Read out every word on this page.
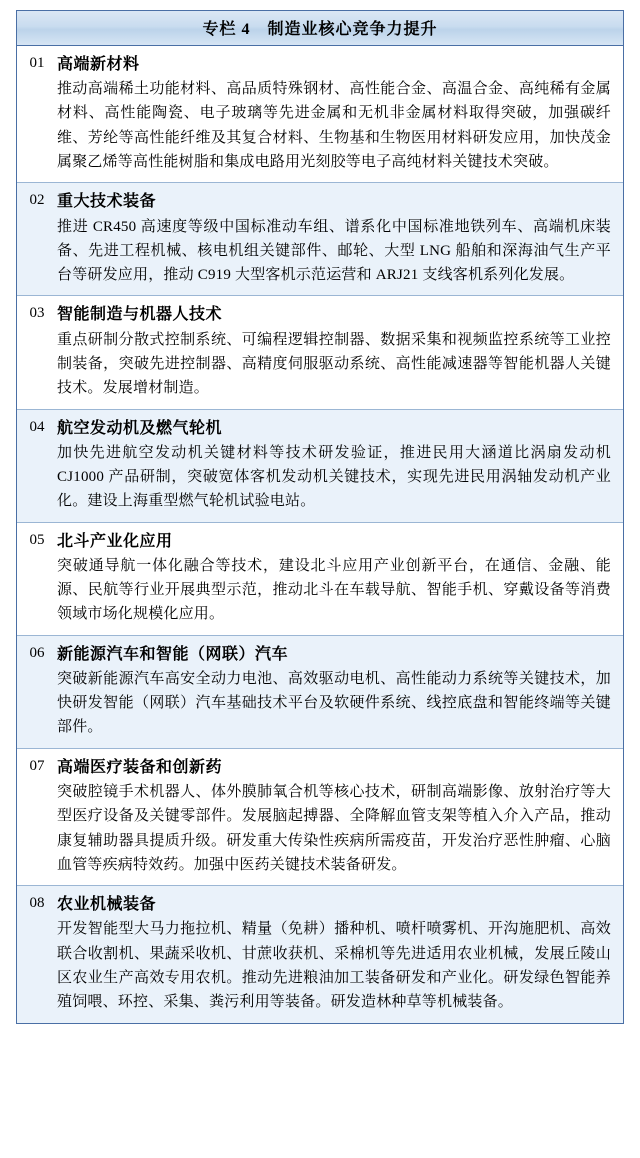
专栏 4　制造业核心竞争力提升
01 高端新材料
推动高端稀土功能材料、高品质特殊钢材、高性能合金、高温合金、高纯稀有金属材料、高性能陶瓷、电子玻璃等先进金属和无机非金属材料取得突破，加强碳纤维、芳纶等高性能纤维及其复合材料、生物基和生物医用材料研发应用，加快茂金属聚乙烯等高性能树脂和集成电路用光刻胶等电子高纯材料关键技术突破。
02 重大技术装备
推进 CR450 高速度等级中国标准动车组、谱系化中国标准地铁列车、高端机床装备、先进工程机械、核电机组关键部件、邮轮、大型 LNG 船舶和深海油气生产平台等研发应用，推动 C919 大型客机示范运营和 ARJ21 支线客机系列化发展。
03 智能制造与机器人技术
重点研制分散式控制系统、可编程逻辑控制器、数据采集和视频监控系统等工业控制装备，突破先进控制器、高精度伺服驱动系统、高性能减速器等智能机器人关键技术。发展增材制造。
04 航空发动机及燃气轮机
加快先进航空发动机关键材料等技术研发验证，推进民用大涵道比涡扇发动机 CJ1000 产品研制，突破宽体客机发动机关键技术，实现先进民用涡轴发动机产业化。建设上海重型燃气轮机试验电站。
05 北斗产业化应用
突破通导航一体化融合等技术，建设北斗应用产业创新平台，在通信、金融、能源、民航等行业开展典型示范，推动北斗在车载导航、智能手机、穿戴设备等消费领域市场化规模化应用。
06 新能源汽车和智能（网联）汽车
突破新能源汽车高安全动力电池、高效驱动电机、高性能动力系统等关键技术，加快研发智能（网联）汽车基础技术平台及软硬件系统、线控底盘和智能终端等关键部件。
07 高端医疗装备和创新药
突破腔镜手术机器人、体外膜肺氧合机等核心技术，研制高端影像、放射治疗等大型医疗设备及关键零部件。发展脑起搏器、全降解血管支架等植入介入产品，推动康复辅助器具提质升级。研发重大传染性疾病所需疫苗，开发治疗恶性肿瘤、心脑血管等疾病特效药。加强中医药关键技术装备研发。
08 农业机械装备
开发智能型大马力拖拉机、精量（免耕）播种机、喷杆喷雾机、开沟施肥机、高效联合收割机、果蔬采收机、甘蔗收获机、采棉机等先进适用农业机械，发展丘陵山区农业生产高效专用农机。推动先进粮油加工装备研发和产业化。研发绿色智能养殖饲喂、环控、采集、粪污利用等装备。研发造林种草等机械装备。
